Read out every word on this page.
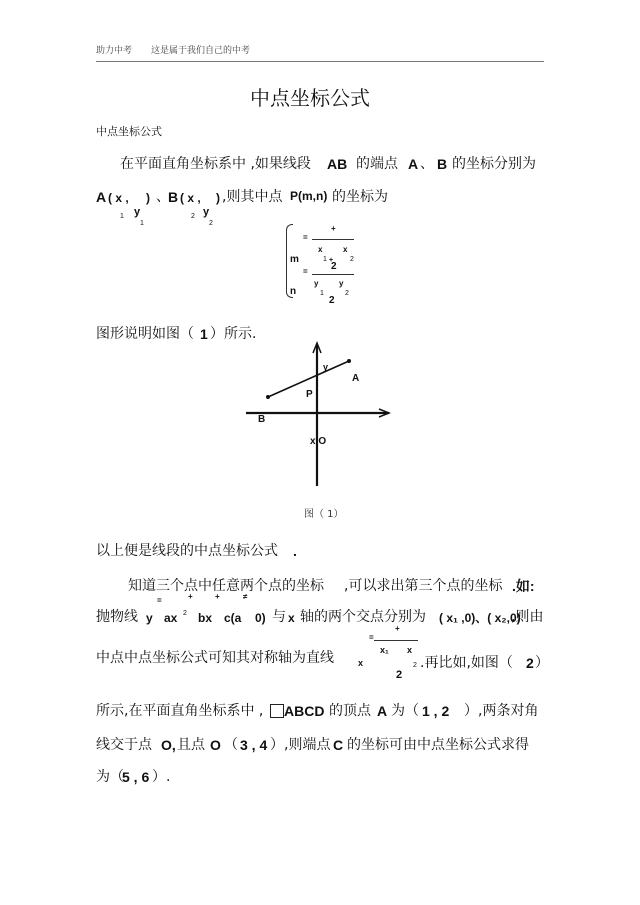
助力中考 这是属于我们自己的中考
中点坐标公式
中点坐标公式
在平面直角坐标系中 ,如果线段 AB 的端点 A 、 B 的坐标分别为
A ( x , ) 、
B ( x , ) ,则其中点 P(m,n) 的坐标为
y
1
1
y
2
2
=
+
x	x
m	1 + 2
2
=
y	y
n	1	2
2
图形说明如图（ 1 ）所示.
y
A
P
B
x O
图（ 1）
以上便是线段的中点坐标公式 .
知道三个点中任意两个点的坐标 ,可以求出第三个点的坐标 .如:
=	+	+	≠
抛物线 y ax 2 bx c(a 0) 与 x 轴的两个交点分别为 ( x₁ ,0)、( x₂,0)
,则由
=
+
x₁ x
中点中点坐标公式可知其对称轴为直线	x	2 .再比如,如图（ 2 ）
2
所示,在平面直角坐标系中 , ABCD 的顶点 A 为（ 1 , 2 ）,两条对角
线交于点 O, 且点 O （ 3 , 4 ）,则端点 C 的坐标可由中点坐标公式求得
为（
5 , 6 ）.
